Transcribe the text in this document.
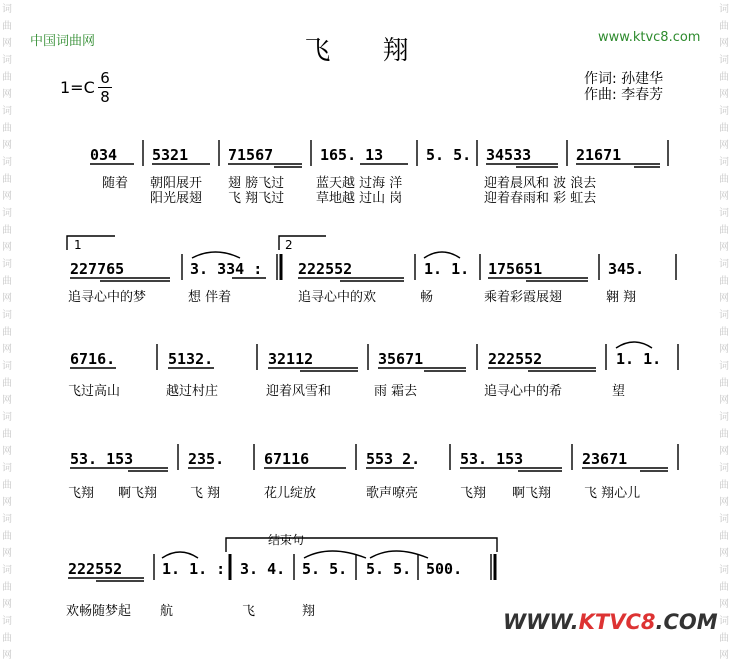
词
曲
网
词
曲
网
词
曲
网
词
曲
网
词
曲
网
词
曲
网
词
曲
网
词
曲
网
词
曲
网
词
曲
网
词
曲
网
词
曲
网
词
曲
网
词
曲
网
词
曲
网
词
曲
网
词
曲
网
词
曲
网
词
曲
网
词
曲
网
词
曲
网
词
曲
网
词
曲
网
词
曲
网
词
曲
网
词
曲
网
中国词曲网	www.ktvc8.com
飞 翔
1=C 6
8
作词: 孙建华
作曲: 李春芳
034 5321	71567	165. 13	5. 5. 34533	21671
随着 朝阳展开 翅 膀飞过 蓝天越 过海 洋	迎着晨风和 波 浪去
阳光展翅 飞 翔飞过 草地越 过山 岗	迎着春雨和 彩 虹去
1	2
227765	3. 334 : 222552	1. 1. 175651	345.
追寻心中的梦	想 伴着	追寻心中的欢	畅	乘着彩霞展翅	翱 翔
6716.	5132.	32112	35671	222552	1. 1.
飞过高山	越过村庄	迎着风雪和	雨 霜去	追寻心中的希	望
53. 153	235.	67116	553 2.	53. 153	23671
飞翔 啊飞翔	飞 翔	花儿绽放	歌声嘹亮	飞翔 啊飞翔	飞 翔心儿
结束句
222552	1. 1. : 3. 4. 5. 5. 5. 5. 500.
欢畅随梦起 航	飞	翔	WWW.KTVC8.COM
